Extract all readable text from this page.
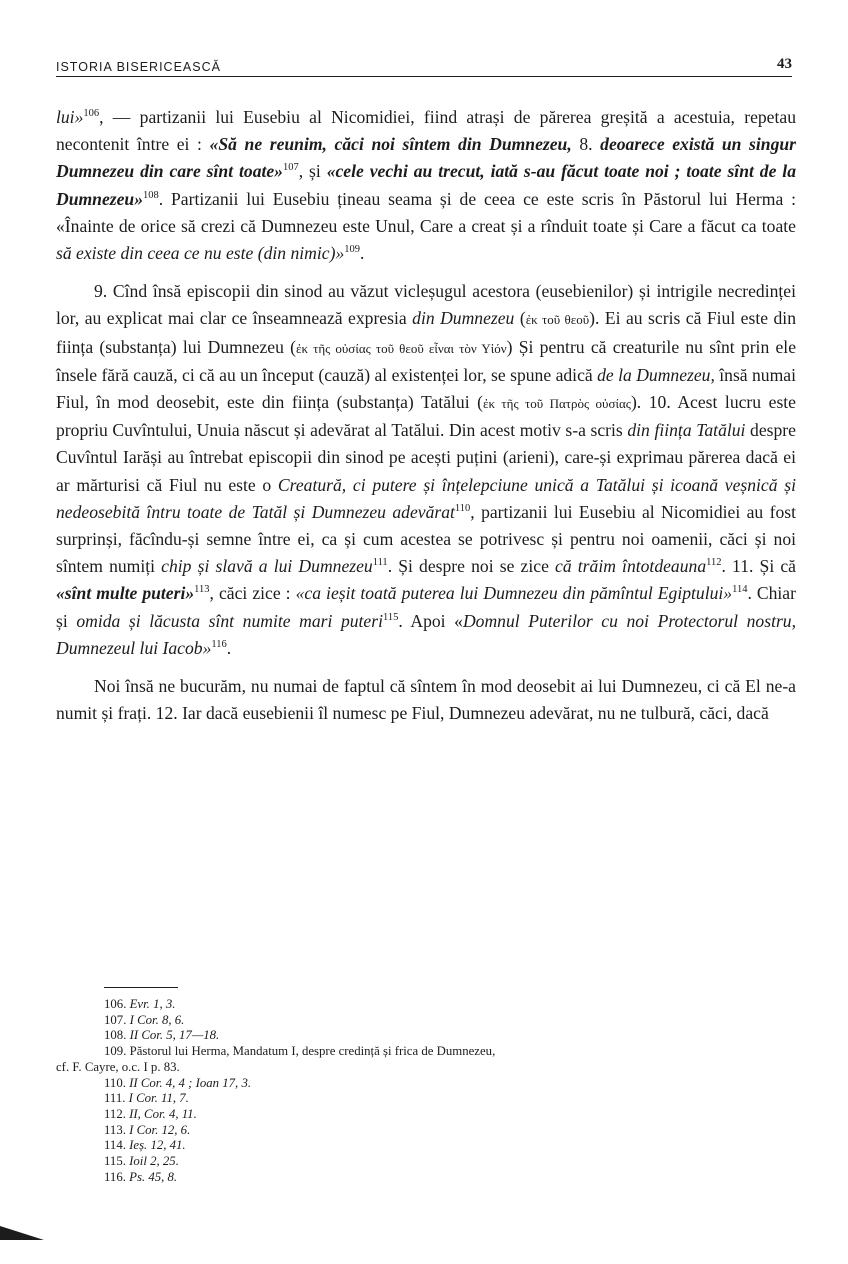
ISTORIA BISERICEASCĂ	43

lui»$^{106}$, — partizanii lui Eusebiu al Nicomidiei, fiind atrași de părerea greșită a acestuia, repetau necontenit între ei : «Să ne reunim, căci noi sîntem din Dumnezeu, 8. deoarece există un singur Dumnezeu din care sînt toate»$^{107}$, și «cele vechi au trecut, iată s-au făcut toate noi ; toate sînt de la Dumnezeu»$^{108}$. Partizanii lui Eusebiu țineau seama și de ceea ce este scris în Păstorul lui Herma : «Înainte de orice să crezi că Dumnezeu este Unul, Care a creat și a rînduit toate și Care a făcut ca toate să existe din ceea ce nu este (din nimic)»$^{109}$.

9. Cînd însă episcopii din sinod au văzut vicleșugul acestora (eusebienilor) și intrigile necredinței lor, au explicat mai clar ce înseamnează expresia din Dumnezeu (ἐκ τοῦ θεοῦ). Ei au scris că Fiul este din ființa (substanța) lui Dumnezeu (ἐκ τῆς οὐσίας τοῦ θεοῦ εἶναι τὸν Υἱόν) Și pentru că creaturile nu sînt prin ele însele fără cauză, ci că au un început (cauză) al existenței lor, se spune adică de la Dumnezeu, însă numai Fiul, în mod deosebit, este din ființa (substanța) Tatălui (ἐκ τῆς τοῦ Πατρὸς οὐσίας). 10. Acest lucru este propriu Cuvîntului, Unuia născut și adevărat al Tatălui. Din acest motiv s-a scris din ființa Tatălui despre Cuvîntul Iarăși au întrebat episcopii din sinod pe acești puțini (arieni), care-și exprimau părerea dacă ei ar mărturisi că Fiul nu este o Creatură, ci putere și înțelepciune unică a Tatălui și icoană veșnică și nedeosebită întru toate de Tatăl și Dumnezeu adevărat$^{110}$, partizanii lui Eusebiu al Nicomidiei au fost surprinși, făcîndu-și semne între ei, ca și cum acestea se potrivesc și pentru noi oamenii, căci și noi sîntem numiți chip și slavă a lui Dumnezeu$^{111}$. Și despre noi se zice că trăim întotdeauna$^{112}$. 11. Și că «sînt multe puteri»$^{113}$, căci zice : «ca ieșit toată puterea lui Dumnezeu din pămîntul Egiptului»$^{114}$. Chiar și omida și lăcusta sînt numite mari puteri$^{115}$. Apoi «Domnul Puterilor cu noi Protectorul nostru, Dumnezeul lui Iacob»$^{116}$.

Noi însă ne bucurăm, nu numai de faptul că sîntem în mod deosebit ai lui Dumnezeu, ci că El ne-a numit și frați. 12. Iar dacă eusebienii îl numesc pe Fiul, Dumnezeu adevărat, nu ne tulbură, căci, dacă

106. Evr. 1, 3.
107. I Cor. 8, 6.
108. II Cor. 5, 17—18.
109. Păstorul lui Herma, Mandatum I, despre credință și frica de Dumnezeu,
cf. F. Cayre, o.c. I p. 83.
110. II Cor. 4, 4 ; Ioan 17, 3.
111. I Cor. 11, 7.
112. II, Cor. 4, 11.
113. I Cor. 12, 6.
114. Ieș. 12, 41.
115. Ioil 2, 25.
116. Ps. 45, 8.
